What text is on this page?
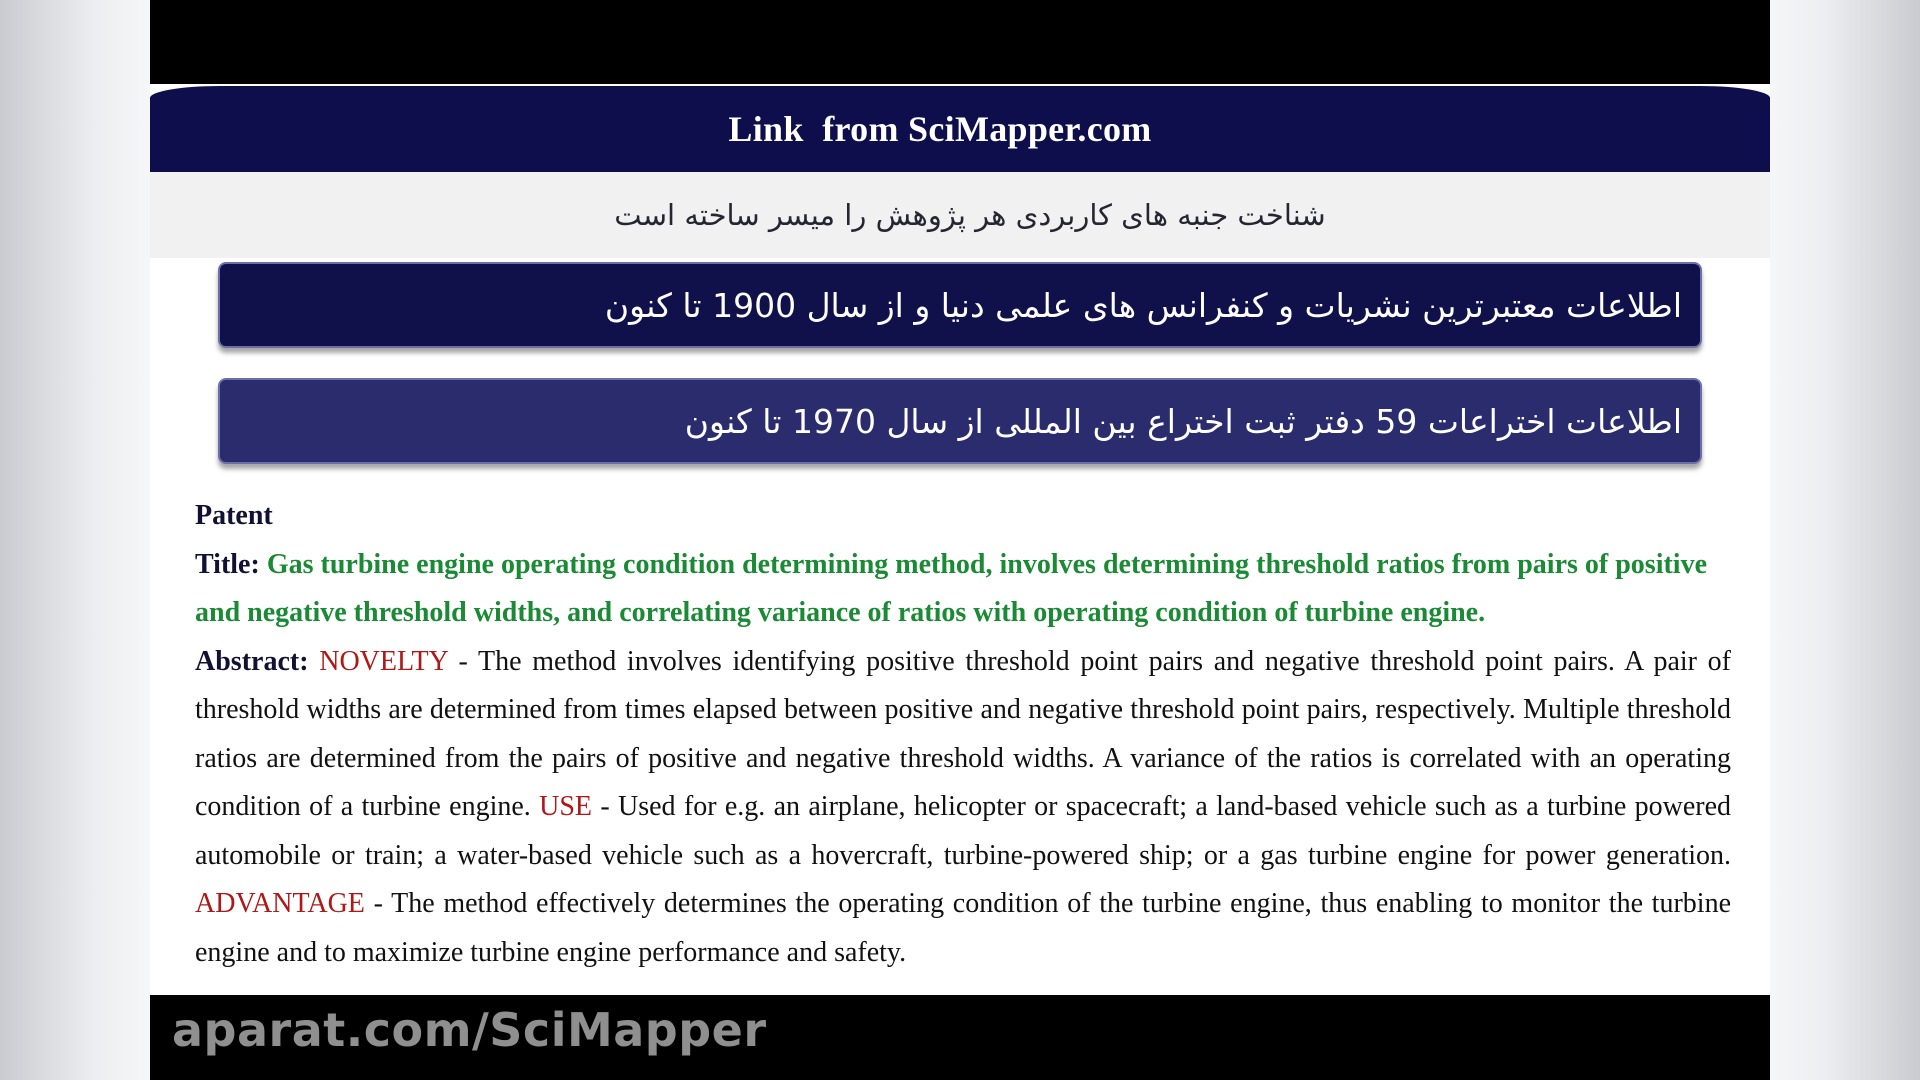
Link  from SciMapper.com
شناخت جنبه های کاربردی هر پژوهش را میسر ساخته است
اطلاعات معتبرترین نشریات و کنفرانس های علمی دنیا و از سال 1900 تا کنون
اطلاعات اختراعات 59 دفتر ثبت اختراع بین المللی از سال 1970 تا کنون
Patent

Title: Gas turbine engine operating condition determining method, involves determining threshold ratios from pairs of positive and negative threshold widths, and correlating variance of ratios with operating condition of turbine engine.

Abstract: NOVELTY - The method involves identifying positive threshold point pairs and negative threshold point pairs. A pair of threshold widths are determined from times elapsed between positive and negative threshold point pairs, respectively. Multiple threshold ratios are determined from the pairs of positive and negative threshold widths. A variance of the ratios is correlated with an operating condition of a turbine engine. USE - Used for e.g. an airplane, helicopter or spacecraft; a land-based vehicle such as a turbine powered automobile or train; a water-based vehicle such as a hovercraft, turbine-powered ship; or a gas turbine engine for power generation. ADVANTAGE - The method effectively determines the operating condition of the turbine engine, thus enabling to monitor the turbine engine and to maximize turbine engine performance and safety.

aparat.com/SciMapper
